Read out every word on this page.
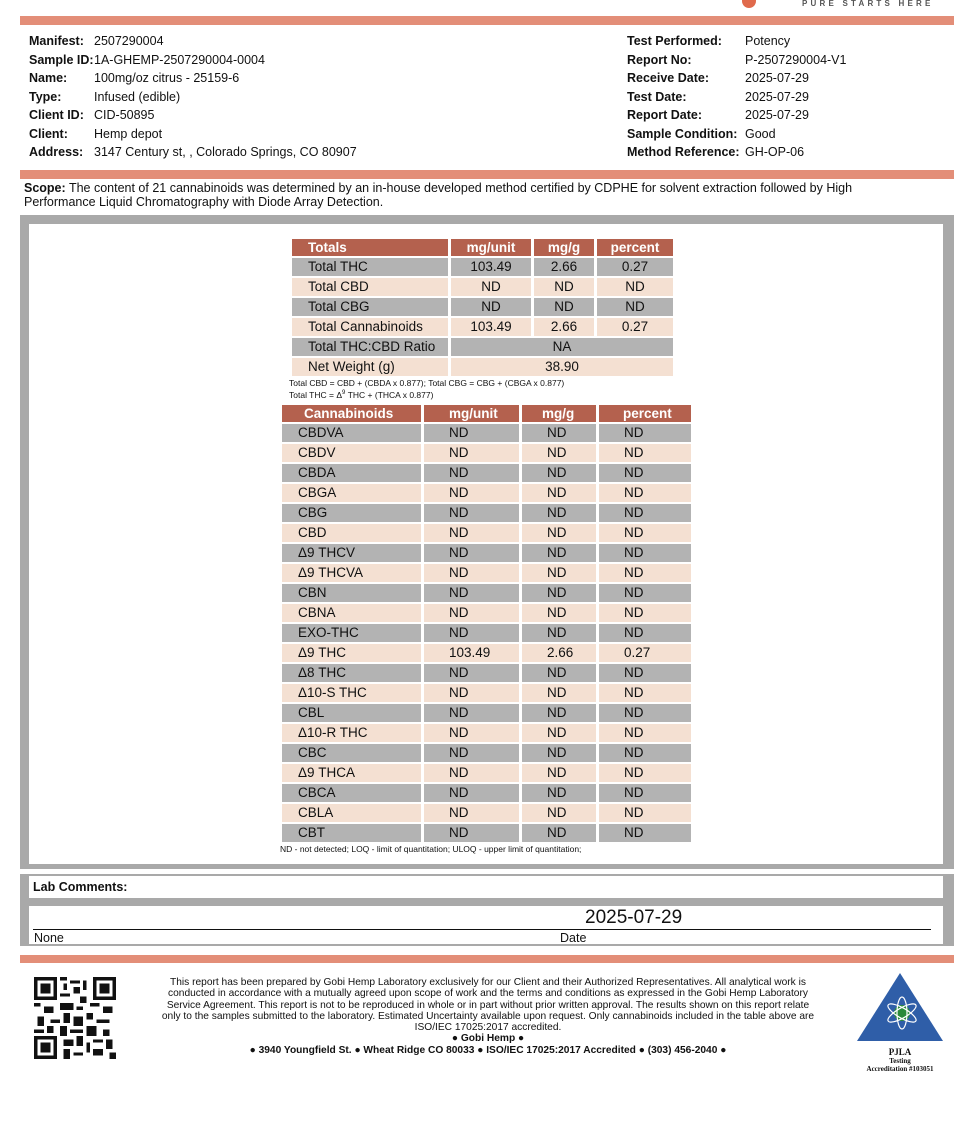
PURE STARTS HERE
Manifest: 2507290004
Sample ID: 1A-GHEMP-2507290004-0004
Name:	100mg/oz citrus - 25159-6
Type:	Infused (edible)
Client ID: CID-50895
Client:	Hemp depot
Address: 3147 Century st, , Colorado Springs, CO 80907
Test Performed:	Potency
Report No:	P-2507290004-V1
Receive Date:	2025-07-29
Test Date:	2025-07-29
Report Date:	2025-07-29
Sample Condition: Good
Method Reference: GH-OP-06
Scope: The content of 21 cannabinoids was determined by an in-house developed method certified by CDPHE for solvent extraction followed by High Performance Liquid Chromatography with Diode Array Detection.
Totals	mg/unit	mg/g	percent
Total THC	103.49	2.66	0.27
Total CBD	ND	ND	ND
Total CBG	ND	ND	ND
Total Cannabinoids	103.49	2.66	0.27
Total THC:CBD Ratio	NA		
Net Weight (g)	38.90		
Total CBD = CBD + (CBDA x 0.877); Total CBG = CBG + (CBGA x 0.877)
Total THC = $\Delta^9$ THC + (THCA x 0.877)
Cannabinoids	mg/unit	mg/g	percent
CBDVA	ND	ND	ND
CBDV	ND	ND	ND
CBDA	ND	ND	ND
CBGA	ND	ND	ND
CBG	ND	ND	ND
CBD	ND	ND	ND
Δ9 THCV	ND	ND	ND
Δ9 THCVA	ND	ND	ND
CBN	ND	ND	ND
CBNA	ND	ND	ND
EXO-THC	ND	ND	ND
Δ9 THC	103.49	2.66	0.27
Δ8 THC	ND	ND	ND
Δ10-S THC	ND	ND	ND
CBL	ND	ND	ND
Δ10-R THC	ND	ND	ND
CBC	ND	ND	ND
Δ9 THCA	ND	ND	ND
CBCA	ND	ND	ND
CBLA	ND	ND	ND
CBT	ND	ND	ND
ND - not detected; LOQ - limit of quantitation; ULOQ - upper limit of quantitation;
Lab Comments:
2025-07-29
None	Date
This report has been prepared by Gobi Hemp Laboratory exclusively for our Client and their Authorized Representatives. All analytical work is conducted in accordance with a mutually agreed upon scope of work and the terms and conditions as expressed in the Gobi Hemp Laboratory Service Agreement. This report is not to be reproduced in whole or in part without prior written approval. The results shown on this report relate only to the samples submitted to the laboratory. Estimated Uncertainty available upon request. Only cannabinoids included in the table above are ISO/IEC 17025:2017 accredited.
● Gobi Hemp ●
● 3940 Youngfield St. ● Wheat Ridge CO 80033 ● ISO/IEC 17025:2017 Accredited ● (303) 456-2040 ●	PJLA
Testing
Accreditation #103051
